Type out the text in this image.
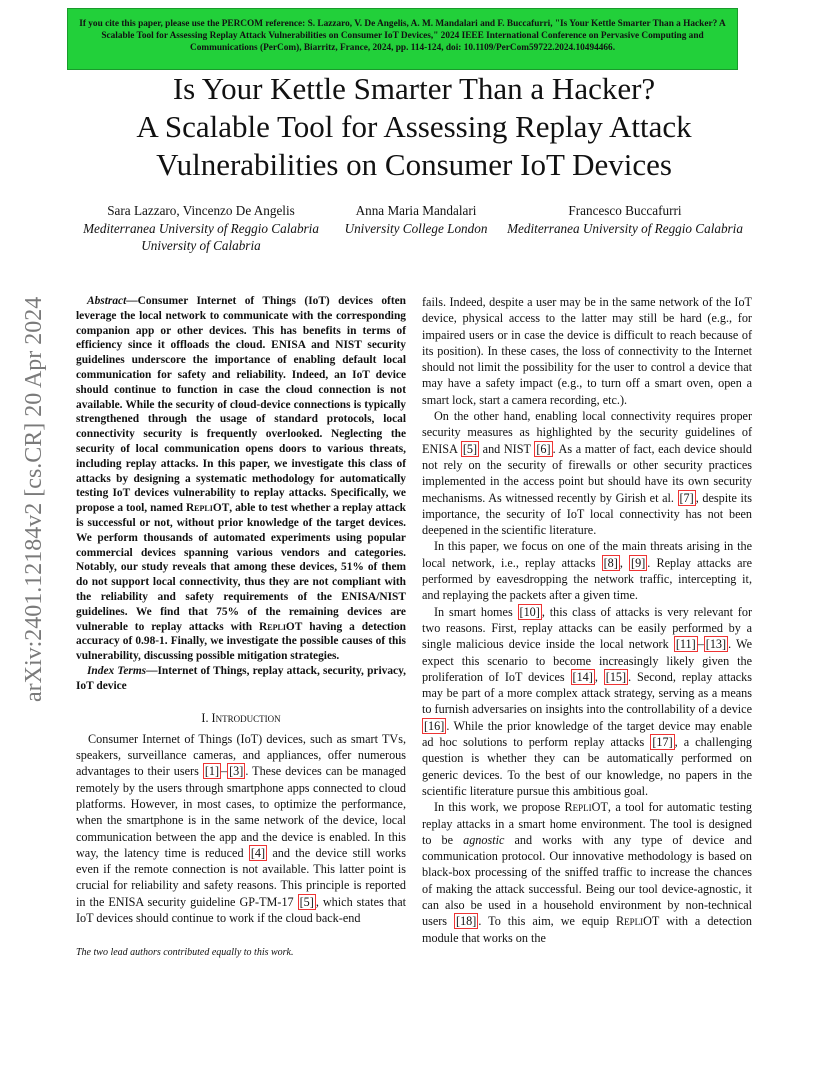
If you cite this paper, please use the PERCOM reference: S. Lazzaro, V. De Angelis, A. M. Mandalari and F. Buccafurri, "Is Your Kettle Smarter Than a Hacker? A Scalable Tool for Assessing Replay Attack Vulnerabilities on Consumer IoT Devices," 2024 IEEE International Conference on Pervasive Computing and Communications (PerCom), Biarritz, France, 2024, pp. 114-124, doi: 10.1109/PerCom59722.2024.10494466.
Is Your Kettle Smarter Than a Hacker?
A Scalable Tool for Assessing Replay Attack
Vulnerabilities on Consumer IoT Devices
Sara Lazzaro, Vincenzo De Angelis
Mediterranea University of Reggio Calabria
University of Calabria
Anna Maria Mandalari
University College London
Francesco Buccafurri
Mediterranea University of Reggio Calabria
arXiv:2401.12184v2 [cs.CR] 20 Apr 2024	Abstract—Consumer Internet of Things (IoT) devices often leverage the local network to communicate with the corresponding companion app or other devices. This has benefits in terms of efficiency since it offloads the cloud. ENISA and NIST security guidelines underscore the importance of enabling default local communication for safety and reliability. Indeed, an IoT device should continue to function in case the cloud connection is not available. While the security of cloud-device connections is typically strengthened through the usage of standard protocols, local connectivity security is frequently overlooked. Neglecting the security of local communication opens doors to various threats, including replay attacks. In this paper, we investigate this class of attacks by designing a systematic methodology for automatically testing IoT devices vulnerability to replay attacks. Specifically, we propose a tool, named RepliOT, able to test whether a replay attack is successful or not, without prior knowledge of the target devices. We perform thousands of automated experiments using popular commercial devices spanning various vendors and categories. Notably, our study reveals that among these devices, 51% of them do not support local connectivity, thus they are not compliant with the reliability and safety requirements of the ENISA/NIST guidelines. We find that 75% of the remaining devices are vulnerable to replay attacks with RepliOT having a detection accuracy of 0.98-1. Finally, we investigate the possible causes of this vulnerability, discussing possible mitigation strategies.

Index Terms—Internet of Things, replay attack, security, privacy, IoT device

I. Introduction

Consumer Internet of Things (IoT) devices, such as smart TVs, speakers, surveillance cameras, and appliances, offer numerous advantages to their users [1] – [3] . These devices can be managed remotely by the users through smartphone apps connected to cloud platforms. However, in most cases, to optimize the performance, when the smartphone is in the same network of the device, local communication between the app and the device is enabled. In this way, the latency time is reduced [4] and the device still works even if the remote connection is not available. This latter point is crucial for reliability and safety reasons. This principle is reported in the ENISA security guideline GP-TM-17 [5] , which states that IoT devices should continue to work if the cloud back-end

The two lead authors contributed equally to this work.

fails. Indeed, despite a user may be in the same network of the IoT device, physical access to the latter may still be hard (e.g., for impaired users or in case the device is difficult to reach because of its position). In these cases, the loss of connectivity to the Internet should not limit the possibility for the user to control a device that may have a safety impact (e.g., to turn off a smart oven, open a smart lock, start a camera recording, etc.).

On the other hand, enabling local connectivity requires proper security measures as highlighted by the security guidelines of ENISA [5] and NIST [6] . As a matter of fact, each device should not rely on the security of firewalls or other security practices implemented in the access point but should have its own security mechanisms. As witnessed recently by Girish et al. [7] , despite its importance, the security of IoT local connectivity has not been deepened in the scientific literature.

In this paper, we focus on one of the main threats arising in the local network, i.e., replay attacks [8] , [9] . Replay attacks are performed by eavesdropping the network traffic, intercepting it, and replaying the packets after a given time.

In smart homes [10] , this class of attacks is very relevant for two reasons. First, replay attacks can be easily performed by a single malicious device inside the local network [11] – [13] . We expect this scenario to become increasingly likely given the proliferation of IoT devices [14] , [15] . Second, replay attacks may be part of a more complex attack strategy, serving as a means to furnish adversaries on insights into the controllability of a device [16] . While the prior knowledge of the target device may enable ad hoc solutions to perform replay attacks [17] , a challenging question is whether they can be automatically performed on generic devices. To the best of our knowledge, no papers in the scientific literature pursue this ambitious goal.

In this work, we propose RepliOT, a tool for automatic testing replay attacks in a smart home environment. The tool is designed to be agnostic and works with any type of device and communication protocol. Our innovative methodology is based on black-box processing of the sniffed traffic to increase the chances of making the attack successful. Being our tool device-agnostic, it can also be used in a household environment by non-technical users [18] . To this aim, we equip RepliOT with a detection module that works on the
